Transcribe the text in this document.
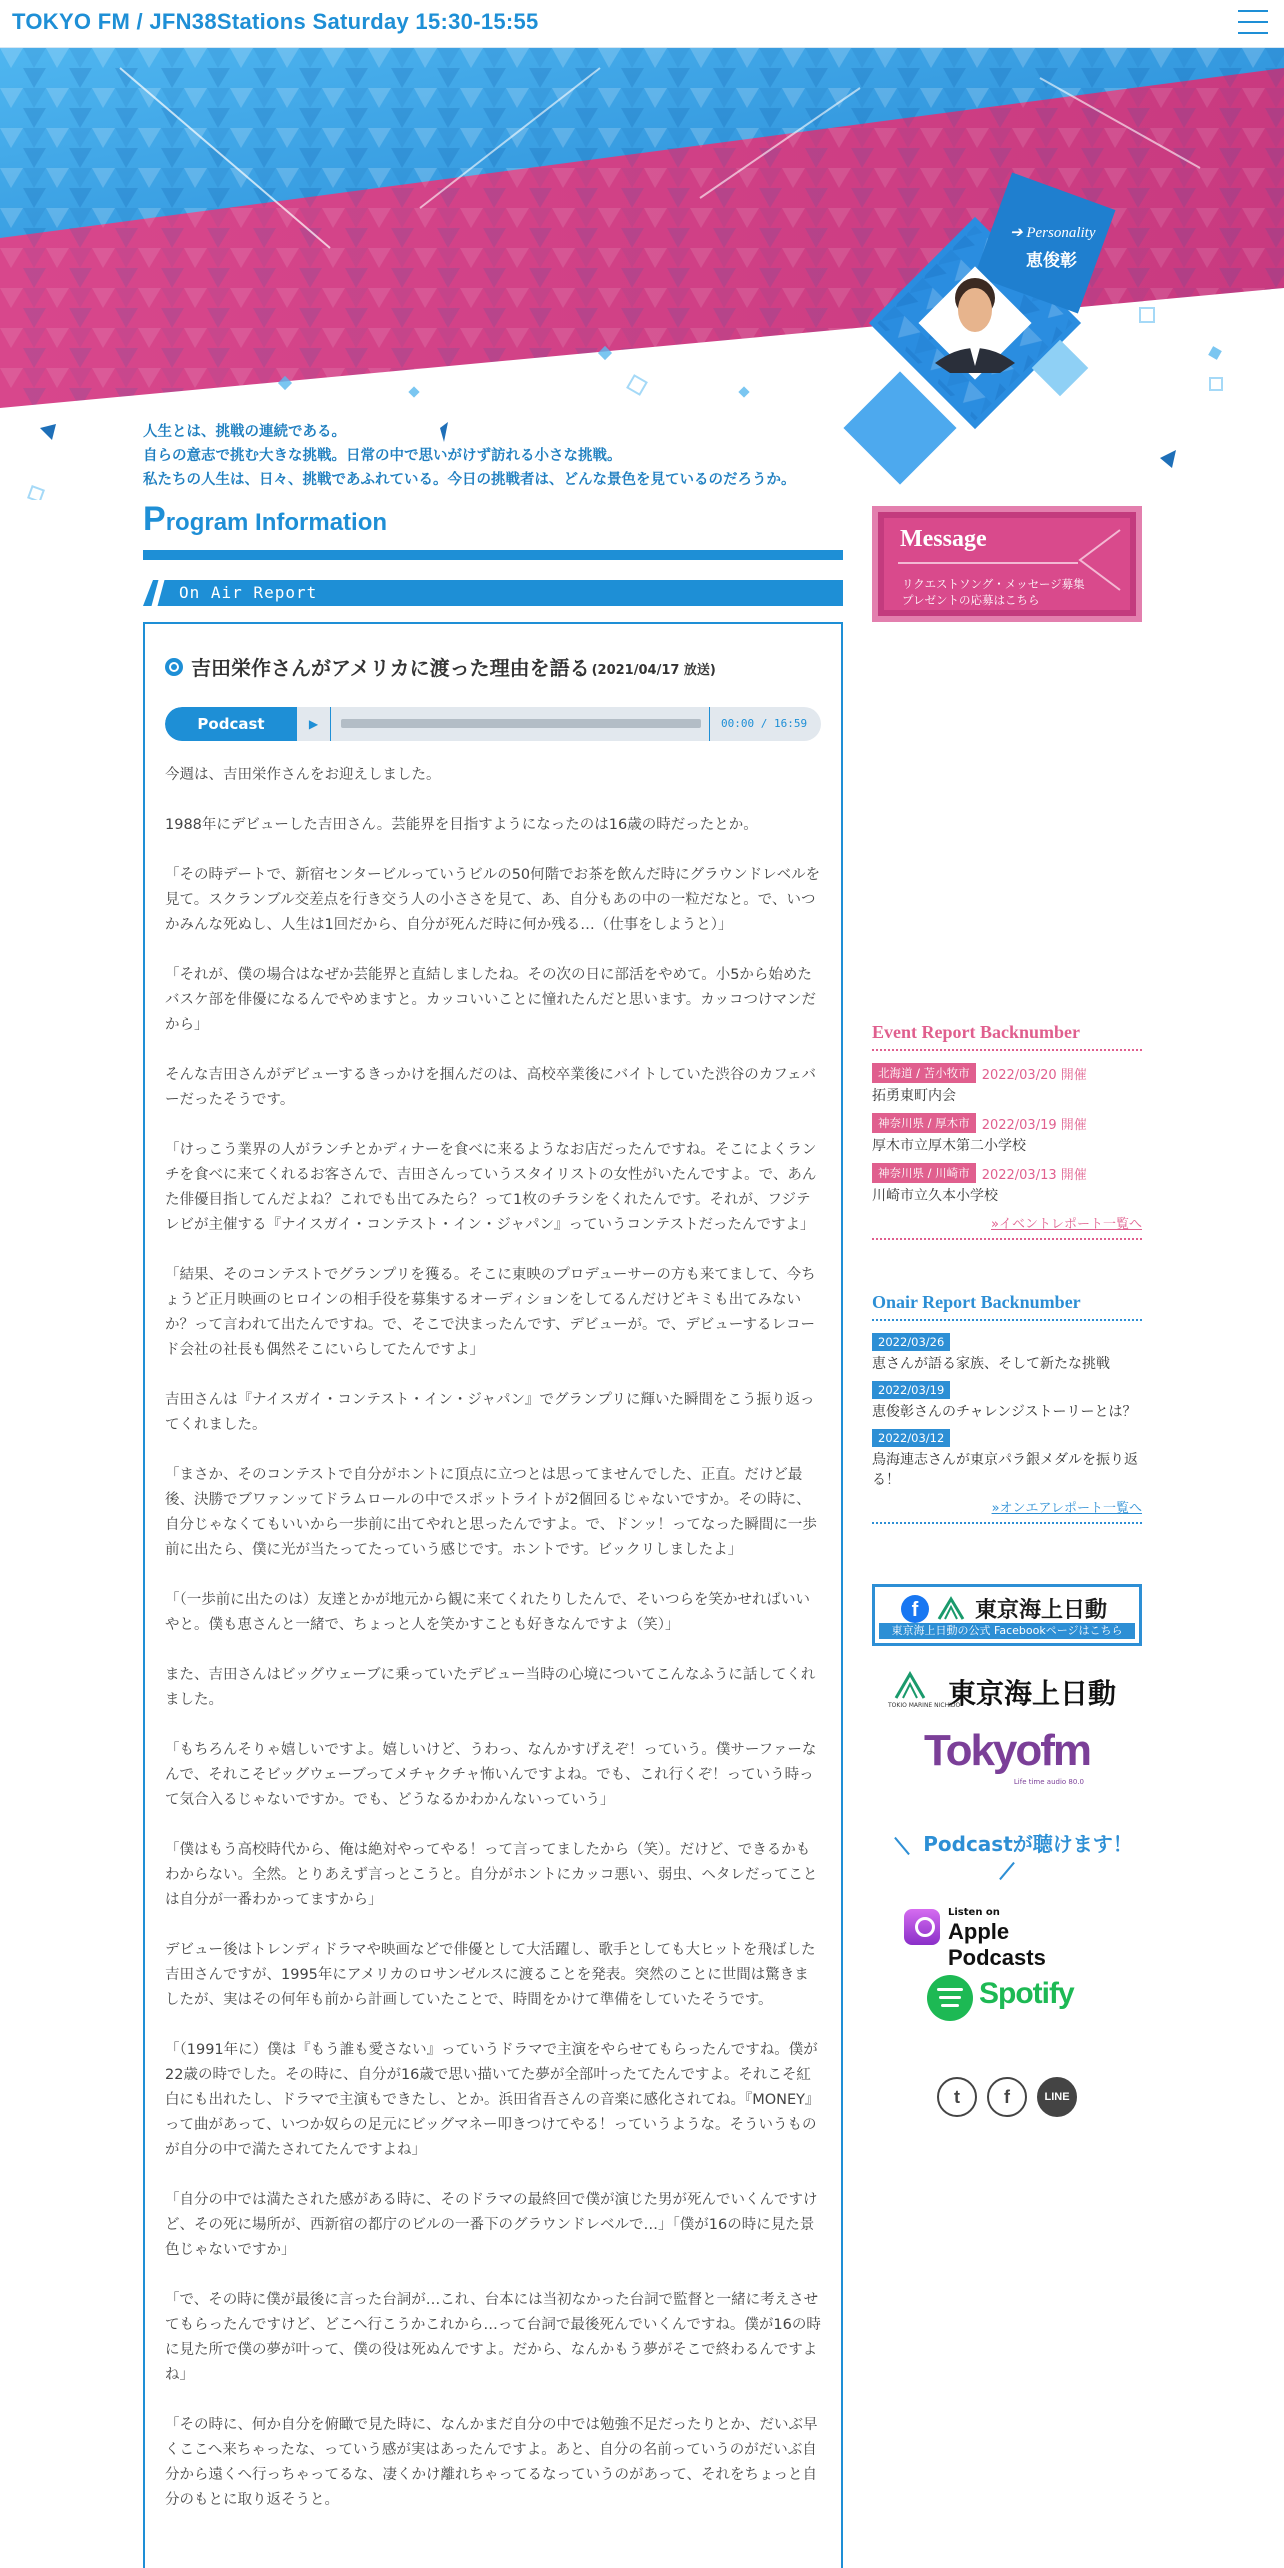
TOKYO FM / JFN38Stations Saturday 15:30-15:55
➔ Personality
恵俊彰
人生とは、挑戦の連続である。
自らの意志で挑む大きな挑戦。日常の中で思いがけず訪れる小さな挑戦。
私たちの人生は、日々、挑戦であふれている。今日の挑戦者は、どんな景色を見ているのだろうか。
Program Information
On Air Report
吉田栄作さんがアメリカに渡った理由を語る (2021/04/17 放送)
Podcast	▶	00:00 / 16:59

今週は、吉田栄作さんをお迎えしました。

1988年にデビューした吉田さん。芸能界を目指すようになったのは16歳の時だったとか。

「その時デートで、新宿センタービルっていうビルの50何階でお茶を飲んだ時にグラウンドレベルを見て。スクランブル交差点を行き交う人の小ささを見て、あ、自分もあの中の一粒だなと。で、いつかみんな死ぬし、人生は1回だから、自分が死んだ時に何か残る…（仕事をしようと）」

「それが、僕の場合はなぜか芸能界と直結しましたね。その次の日に部活をやめて。小5から始めたバスケ部を俳優になるんでやめますと。カッコいいことに憧れたんだと思います。カッコつけマンだから」

そんな吉田さんがデビューするきっかけを掴んだのは、高校卒業後にバイトしていた渋谷のカフェバーだったそうです。

「けっこう業界の人がランチとかディナーを食べに来るようなお店だったんですね。そこによくランチを食べに来てくれるお客さんで、吉田さんっていうスタイリストの女性がいたんですよ。で、あんた俳優目指してんだよね？これでも出てみたら？って1枚のチラシをくれたんです。それが、フジテレビが主催する『ナイスガイ・コンテスト・イン・ジャパン』っていうコンテストだったんですよ」

「結果、そのコンテストでグランプリを獲る。そこに東映のプロデューサーの方も来てまして、今ちょうど正月映画のヒロインの相手役を募集するオーディションをしてるんだけどキミも出てみないか？って言われて出たんですね。で、そこで決まったんです、デビューが。で、デビューするレコード会社の社長も偶然そこにいらしてたんですよ」

吉田さんは『ナイスガイ・コンテスト・イン・ジャパン』でグランプリに輝いた瞬間をこう振り返ってくれました。

「まさか、そのコンテストで自分がホントに頂点に立つとは思ってませんでした、正直。だけど最後、決勝でブワァンッてドラムロールの中でスポットライトが2個回るじゃないですか。その時に、自分じゃなくてもいいから一歩前に出てやれと思ったんですよ。で、ドンッ！ってなった瞬間に一歩前に出たら、僕に光が当たってたっていう感じです。ホントです。ビックリしましたよ」

「（一歩前に出たのは）友達とかが地元から観に来てくれたりしたんで、そいつらを笑かせればいいやと。僕も恵さんと一緒で、ちょっと人を笑かすことも好きなんですよ（笑）」

また、吉田さんはビッグウェーブに乗っていたデビュー当時の心境についてこんなふうに話してくれました。

「もちろんそりゃ嬉しいですよ。嬉しいけど、うわっ、なんかすげえぞ！っていう。僕サーファーなんで、それこそビッグウェーブってメチャクチャ怖いんですよね。でも、これ行くぞ！っていう時って気合入るじゃないですか。でも、どうなるかわかんないっていう」

「僕はもう高校時代から、俺は絶対やってやる！って言ってましたから（笑）。だけど、できるかもわからない。全然。とりあえず言っとこうと。自分がホントにカッコ悪い、弱虫、ヘタレだってことは自分が一番わかってますから」

デビュー後はトレンディドラマや映画などで俳優として大活躍し、歌手としても大ヒットを飛ばした吉田さんですが、1995年にアメリカのロサンゼルスに渡ることを発表。突然のことに世間は驚きましたが、実はその何年も前から計画していたことで、時間をかけて準備をしていたそうです。

「（1991年に）僕は『もう誰も愛さない』っていうドラマで主演をやらせてもらったんですね。僕が22歳の時でした。その時に、自分が16歳で思い描いてた夢が全部叶ったてたんですよ。それこそ紅白にも出れたし、ドラマで主演もできたし、とか。浜田省吾さんの音楽に感化されてね。『MONEY』って曲があって、いつか奴らの足元にビッグマネー叩きつけてやる！っていうような。そういうものが自分の中で満たされてたんですよね」

「自分の中では満たされた感がある時に、そのドラマの最終回で僕が演じた男が死んでいくんですけど、その死に場所が、西新宿の都庁のビルの一番下のグラウンドレベルで…」「僕が16の時に見た景色じゃないですか」

「で、その時に僕が最後に言った台詞が…これ、台本には当初なかった台詞で監督と一緒に考えさせてもらったんですけど、どこへ行こうかこれから…って台詞で最後死んでいくんですね。僕が16の時に見た所で僕の夢が叶って、僕の役は死ぬんですよ。だから、なんかもう夢がそこで終わるんですよね」

「その時に、何か自分を俯瞰で見た時に、なんかまだ自分の中では勉強不足だったりとか、だいぶ早くここへ来ちゃったな、っていう感が実はあったんですよ。あと、自分の名前っていうのがだいぶ自分から遠くへ行っちゃってるな、凄くかけ離れちゃってるなっていうのがあって、それをちょっと自分のもとに取り返そうと。

Message
リクエストソング・メッセージ募集
プレゼントの応募はこちら
Event Report Backnumber
北海道 / 苫小牧市 2022/03/20 開催
拓勇東町内会
神奈川県 / 厚木市 2022/03/19 開催
厚木市立厚木第二小学校
神奈川県 / 川崎市 2022/03/13 開催
川崎市立久本小学校
»イベントレポート一覧へ
Onair Report Backnumber
2022/03/26
恵さんが語る家族、そして新たな挑戦
2022/03/19
恵俊彰さんのチャレンジストーリーとは？
2022/03/12
鳥海連志さんが東京パラ銀メダルを振り返る！
»オンエアレポート一覧へ
f	東京海上日動
東京海上日動の公式 Facebookページはこちら
東京海上日動
TOKIO MARINE NICHIDO
Tokyofm
Life time audio 80.0
Podcastが聴けます！
Listen on
Apple Podcasts
Spotify
t	f	LINE
